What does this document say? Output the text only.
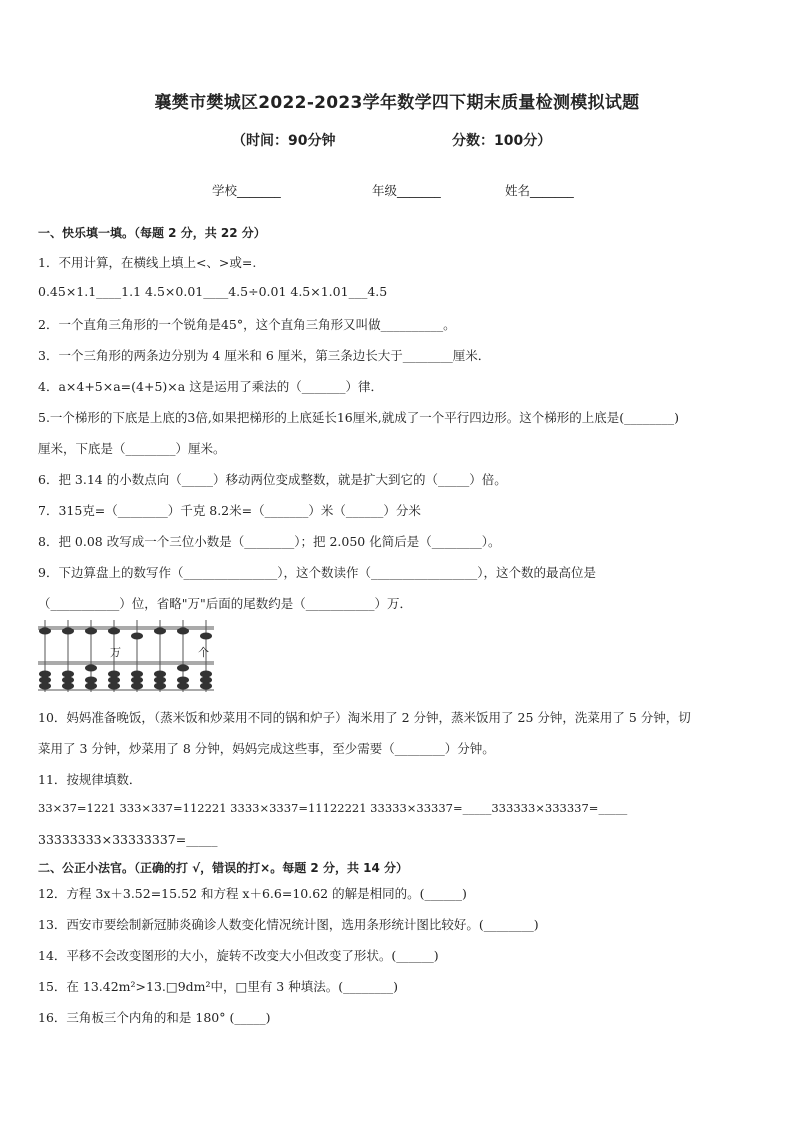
襄樊市樊城区2022-2023学年数学四下期末质量检测模拟试题
（时间：90分钟	分数：100分）
学校_______	年级_______	姓名_______
一、快乐填一填。（每题 2 分，共 22 分）
1．不用计算，在横线上填上<、>或=.
0.45×1.1____1.1 4.5×0.01____4.5÷0.01 4.5×1.01___4.5
2．一个直角三角形的一个锐角是45°，这个直角三角形又叫做__________。
3．一个三角形的两条边分别为 4 厘米和 6 厘米，第三条边长大于________厘米．
4．a×4+5×a=(4+5)×a 这是运用了乘法的（_______）律．
5.一个梯形的下底是上底的3倍,如果把梯形的上底延长16厘米,就成了一个平行四边形。这个梯形的上底是(________)
厘米，下底是（________）厘米。
6．把 3.14 的小数点向（_____）移动两位变成整数，就是扩大到它的（_____）倍。
7．315克=（________）千克 8.2米=（_______）米（______）分米
8．把 0.08 改写成一个三位小数是（________）；把 2.050 化简后是（________）。
9．下边算盘上的数写作（_______________），这个数读作（_________________），这个数的最高位是
（___________）位，省略"万"后面的尾数约是（___________）万．
万	个
10．妈妈准备晚饭，（蒸米饭和炒菜用不同的锅和炉子）淘米用了 2 分钟，蒸米饭用了 25 分钟，洗菜用了 5 分钟，切
菜用了 3 分钟，炒菜用了 8 分钟，妈妈完成这些事，至少需要（________）分钟。
11．按规律填数．
33×37=1221 333×337=112221 3333×3337=11122221 33333×33337=_____333333×333337=_____
33333333×33333337=_____
二、公正小法官。（正确的打 √，错误的打×。每题 2 分，共 14 分）
12．方程 3x＋3.52=15.52 和方程 x＋6.6=10.62 的解是相同的。(______)
13．西安市要绘制新冠肺炎确诊人数变化情况统计图，选用条形统计图比较好。(________)
14．平移不会改变图形的大小，旋转不改变大小但改变了形状。(______)
15．在 13.42m²>13.□9dm²中，□里有 3 种填法。(________)
16．三角板三个内角的和是 180° (_____)
